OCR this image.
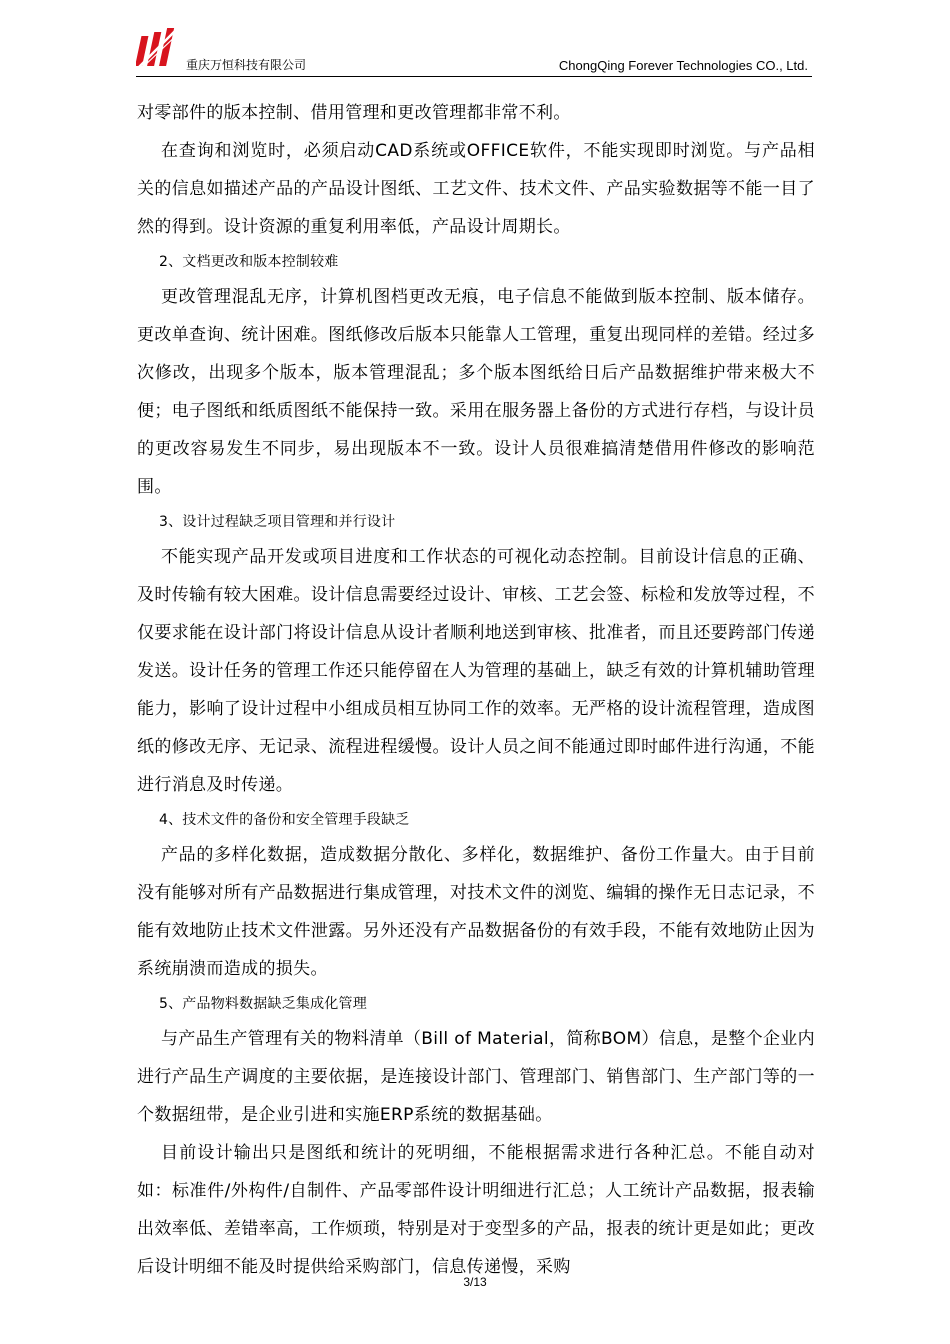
重庆万恒科技有限公司	ChongQing Forever Technologies CO., Ltd.

对零部件的版本控制、借用管理和更改管理都非常不利。

在查询和浏览时，必须启动CAD系统或OFFICE软件，不能实现即时浏览。与产品相关的信息如描述产品的产品设计图纸、工艺文件、技术文件、产品实验数据等不能一目了然的得到。设计资源的重复利用率低，产品设计周期长。

2、文档更改和版本控制较难

更改管理混乱无序，计算机图档更改无痕，电子信息不能做到版本控制、版本储存。更改单查询、统计困难。图纸修改后版本只能靠人工管理，重复出现同样的差错。经过多次修改，出现多个版本，版本管理混乱；多个版本图纸给日后产品数据维护带来极大不便；电子图纸和纸质图纸不能保持一致。采用在服务器上备份的方式进行存档，与设计员的更改容易发生不同步，易出现版本不一致。设计人员很难搞清楚借用件修改的影响范围。

3、设计过程缺乏项目管理和并行设计

不能实现产品开发或项目进度和工作状态的可视化动态控制。目前设计信息的正确、及时传输有较大困难。设计信息需要经过设计、审核、工艺会签、标检和发放等过程，不仅要求能在设计部门将设计信息从设计者顺利地送到审核、批准者，而且还要跨部门传递发送。设计任务的管理工作还只能停留在人为管理的基础上，缺乏有效的计算机辅助管理能力，影响了设计过程中小组成员相互协同工作的效率。无严格的设计流程管理，造成图纸的修改无序、无记录、流程进程缓慢。设计人员之间不能通过即时邮件进行沟通，不能进行消息及时传递。

4、技术文件的备份和安全管理手段缺乏

产品的多样化数据，造成数据分散化、多样化，数据维护、备份工作量大。由于目前没有能够对所有产品数据进行集成管理，对技术文件的浏览、编辑的操作无日志记录，不能有效地防止技术文件泄露。另外还没有产品数据备份的有效手段，不能有效地防止因为系统崩溃而造成的损失。

5、产品物料数据缺乏集成化管理

与产品生产管理有关的物料清单（Bill of Material，简称BOM）信息，是整个企业内进行产品生产调度的主要依据，是连接设计部门、管理部门、销售部门、生产部门等的一个数据纽带，是企业引进和实施ERP系统的数据基础。

目前设计输出只是图纸和统计的死明细，不能根据需求进行各种汇总。不能自动对如：标准件/外构件/自制件、产品零部件设计明细进行汇总；人工统计产品数据，报表输出效率低、差错率高，工作烦琐，特别是对于变型多的产品，报表的统计更是如此；更改后设计明细不能及时提供给采购部门，信息传递慢，采购

3/13
